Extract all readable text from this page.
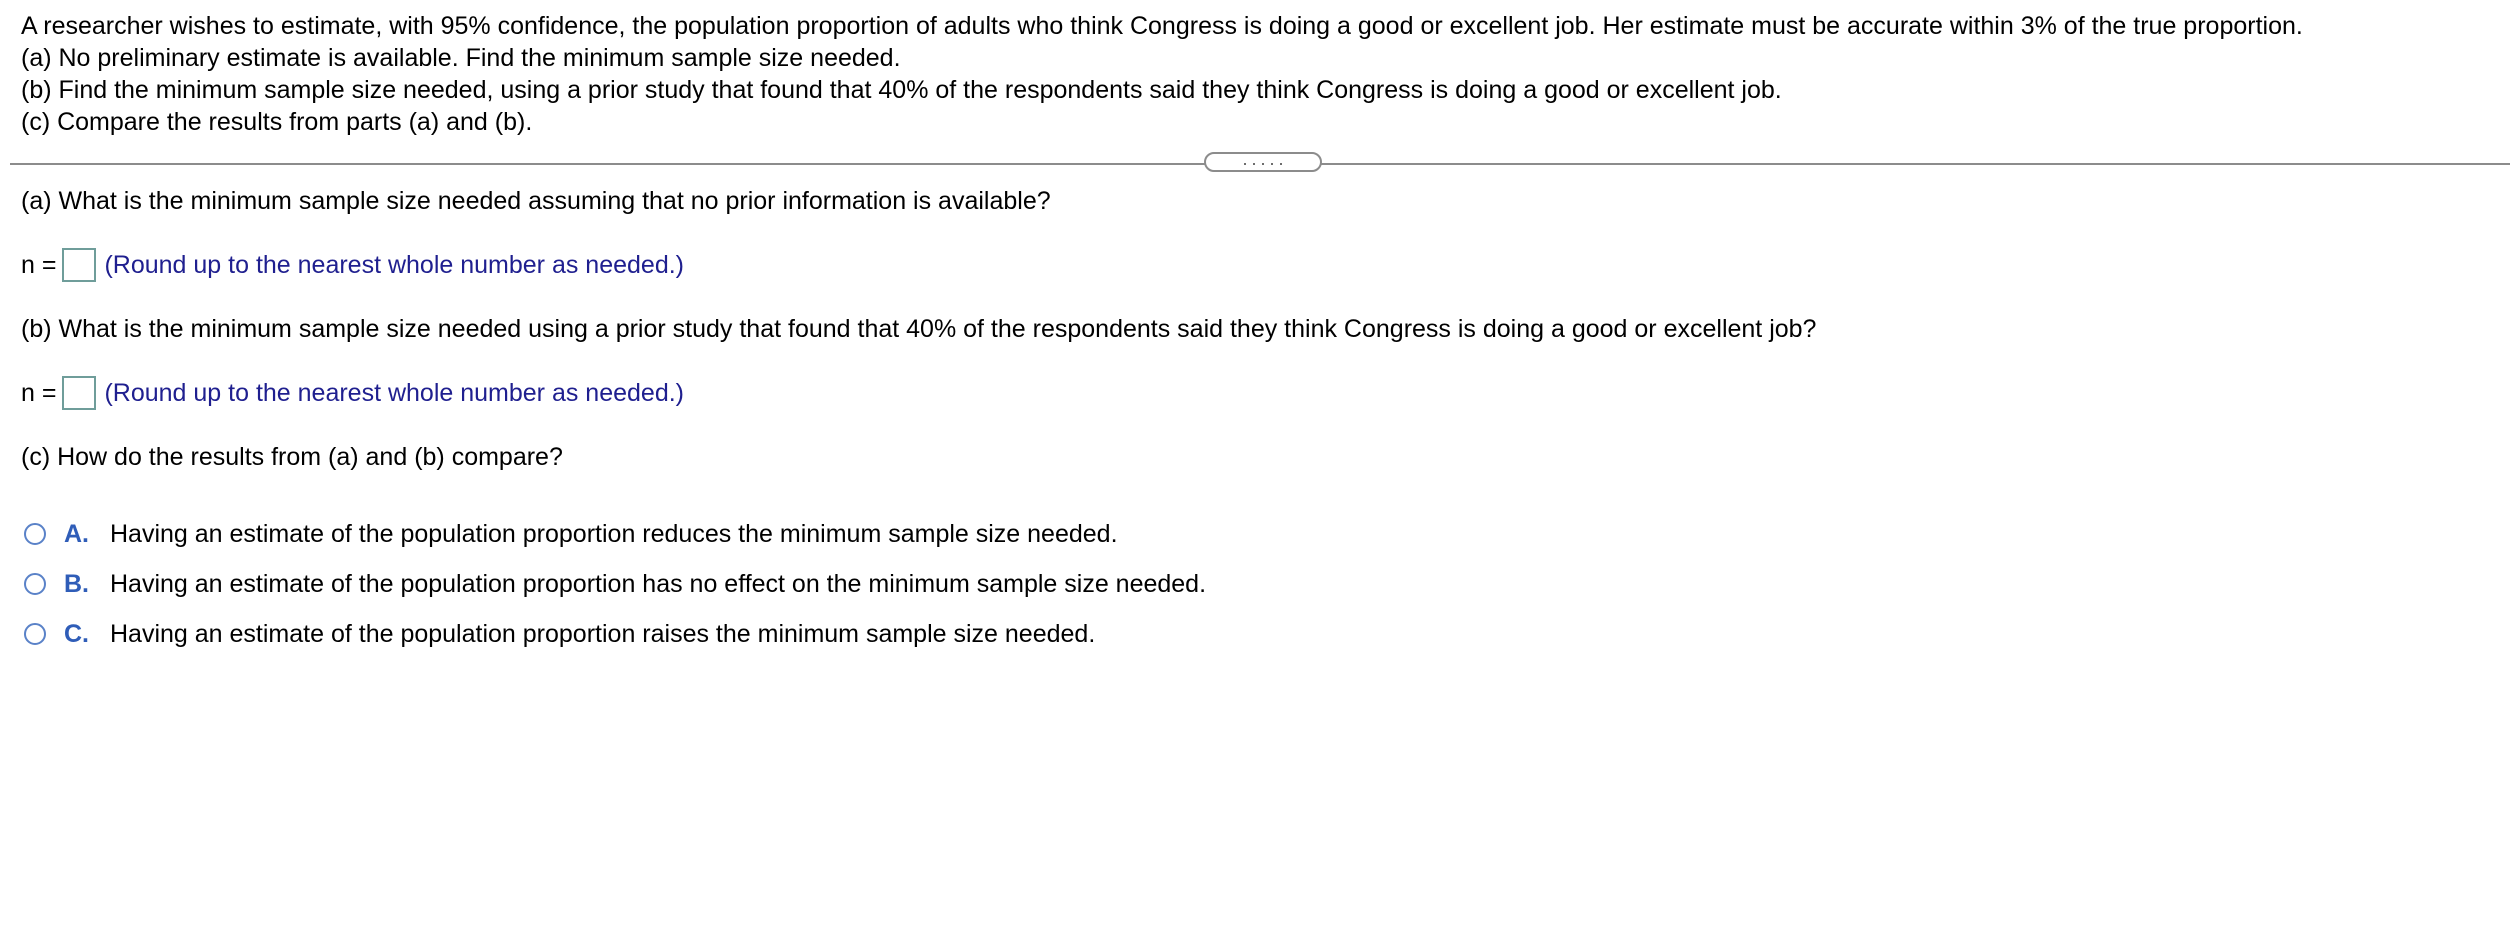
A researcher wishes to estimate, with 95% confidence, the population proportion of adults who think Congress is doing a good or excellent job. Her estimate must be accurate within 3% of the true proportion.
(a) No preliminary estimate is available. Find the minimum sample size needed.
(b) Find the minimum sample size needed, using a prior study that found that 40% of the respondents said they think Congress is doing a good or excellent job.
(c) Compare the results from parts (a) and (b).
.....
(a) What is the minimum sample size needed assuming that no prior information is available?
n = (Round up to the nearest whole number as needed.)
(b) What is the minimum sample size needed using a prior study that found that 40% of the respondents said they think Congress is doing a good or excellent job?
n = (Round up to the nearest whole number as needed.)
(c) How do the results from (a) and (b) compare?
A. Having an estimate of the population proportion reduces the minimum sample size needed.
B. Having an estimate of the population proportion has no effect on the minimum sample size needed.
C. Having an estimate of the population proportion raises the minimum sample size needed.
